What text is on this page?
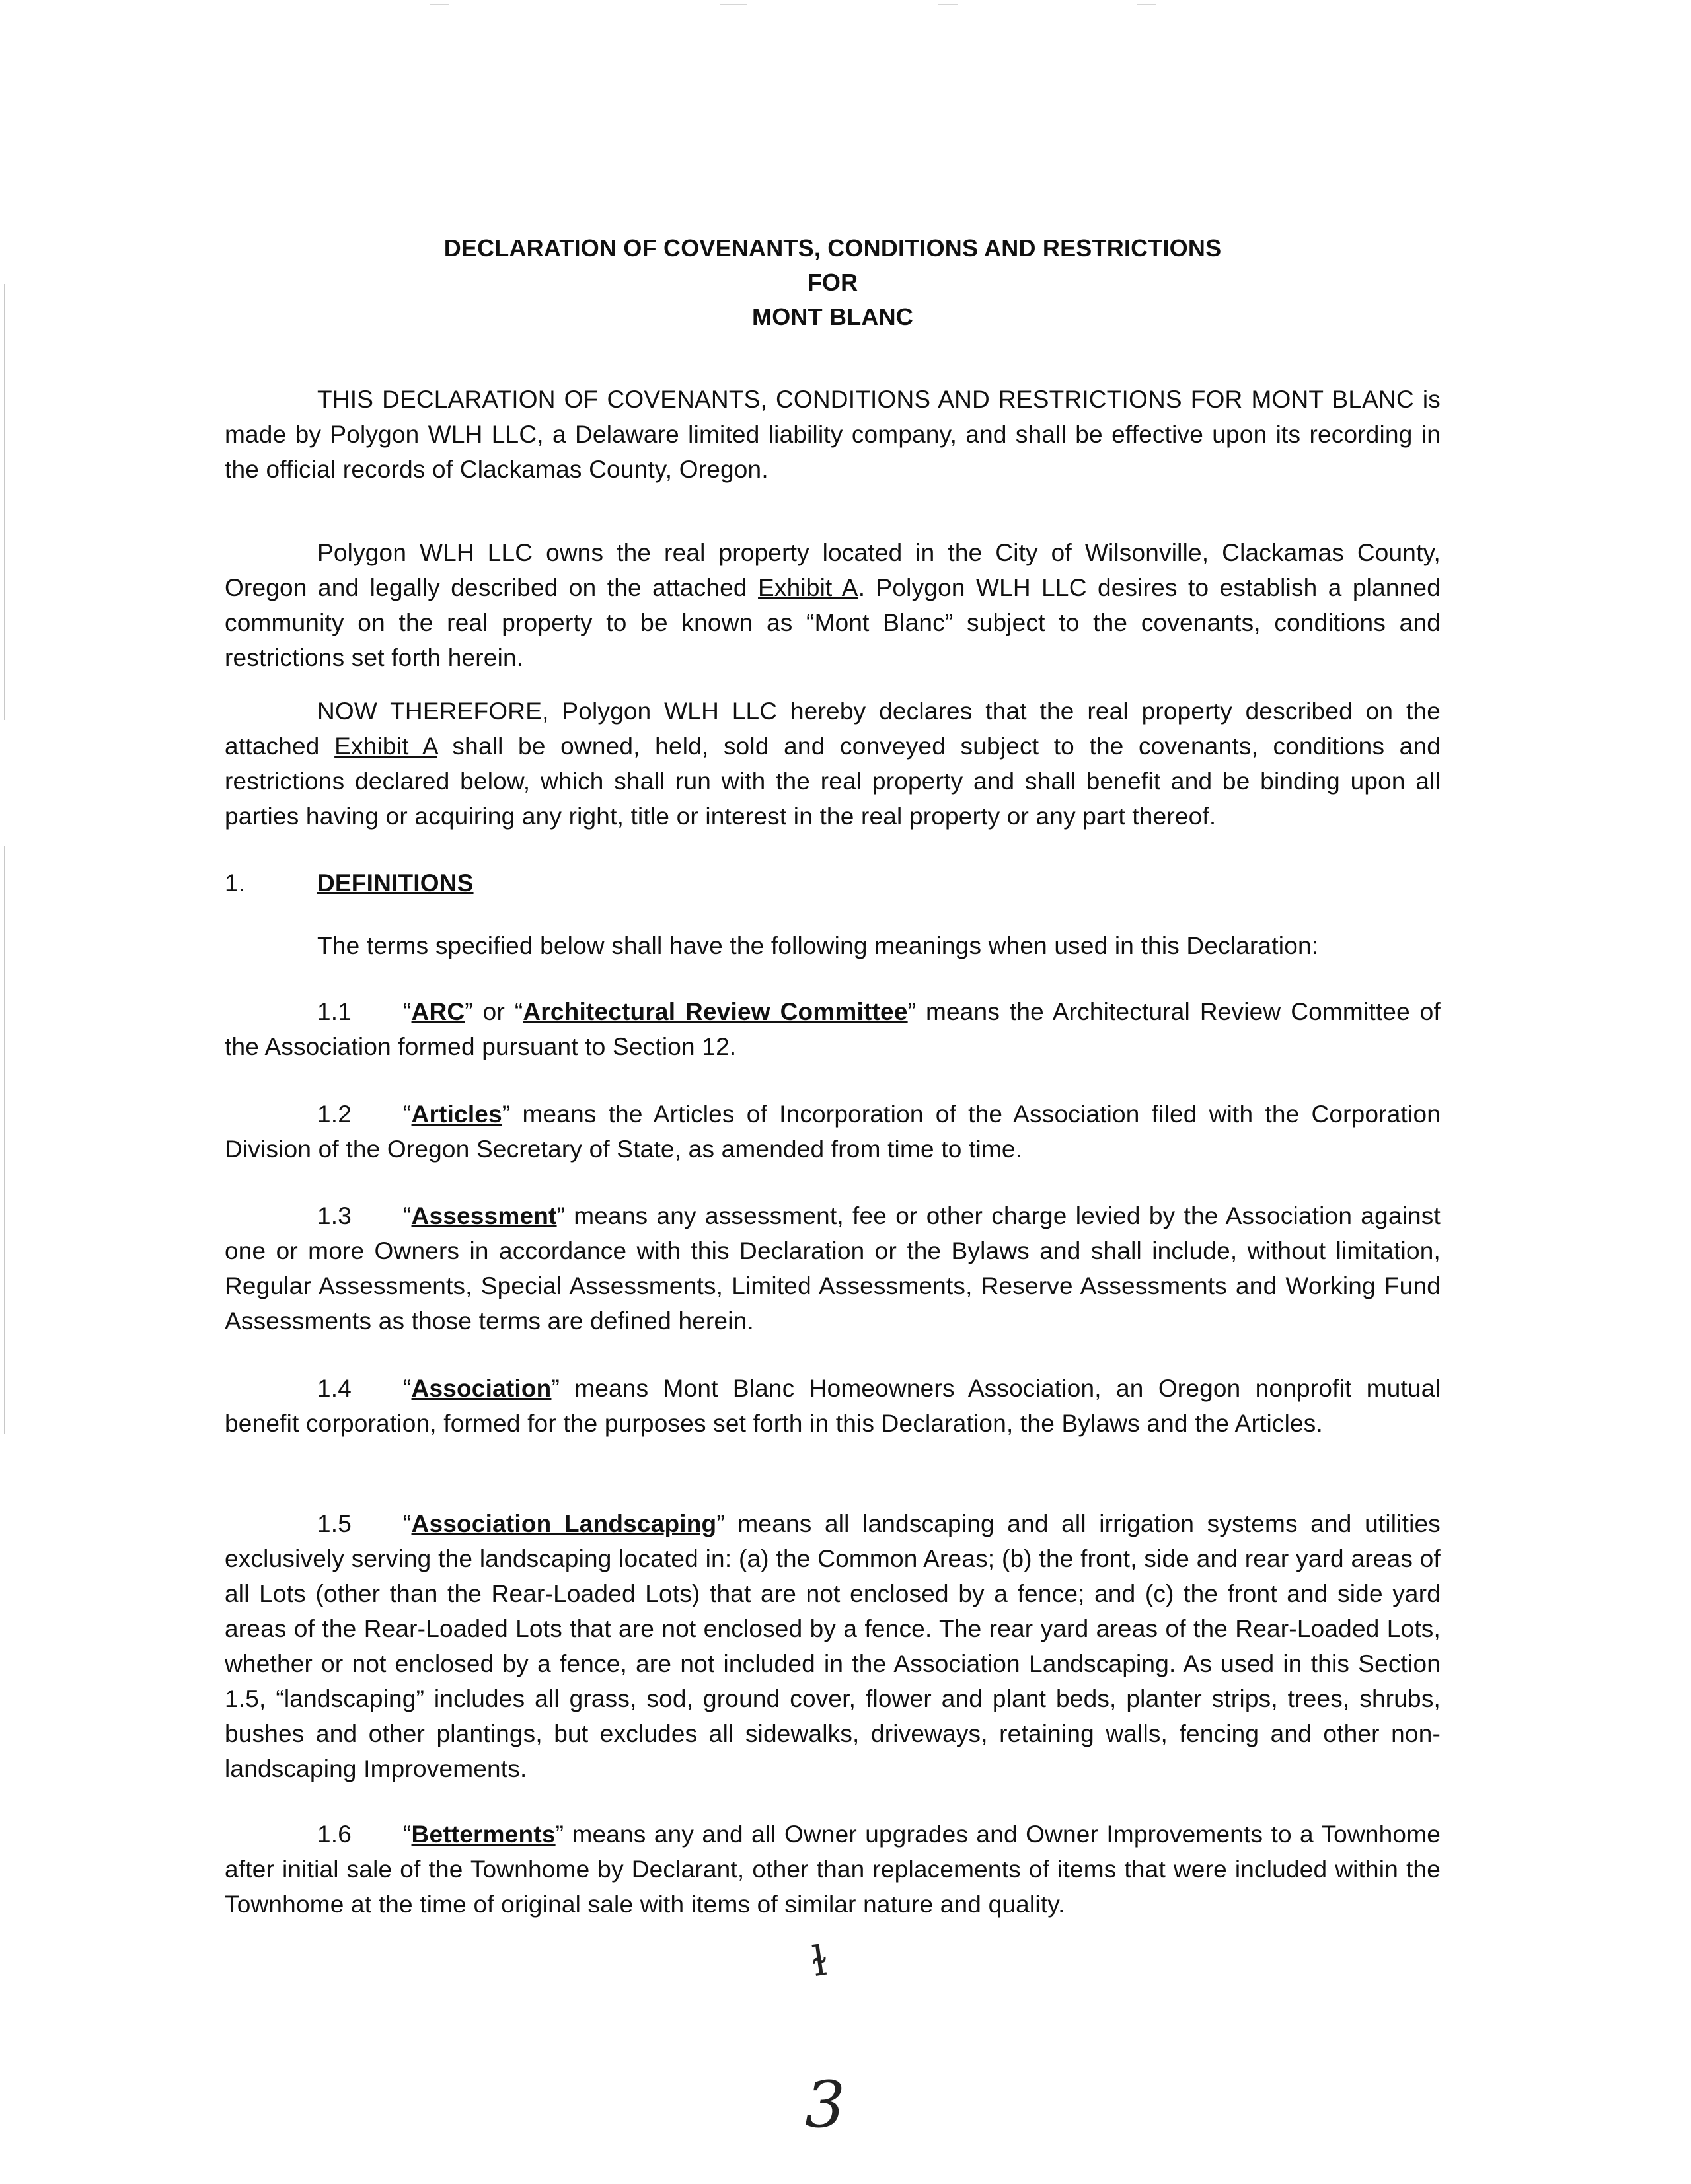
DECLARATION OF COVENANTS, CONDITIONS AND RESTRICTIONS
FOR
MONT BLANC

THIS DECLARATION OF COVENANTS, CONDITIONS AND RESTRICTIONS FOR MONT BLANC is made by Polygon WLH LLC, a Delaware limited liability company, and shall be effective upon its recording in the official records of Clackamas County, Oregon.

Polygon WLH LLC owns the real property located in the City of Wilsonville, Clackamas County, Oregon and legally described on the attached Exhibit A. Polygon WLH LLC desires to establish a planned community on the real property to be known as “Mont Blanc” subject to the covenants, conditions and restrictions set forth herein.

NOW THEREFORE, Polygon WLH LLC hereby declares that the real property described on the attached Exhibit A shall be owned, held, sold and conveyed subject to the covenants, conditions and restrictions declared below, which shall run with the real property and shall benefit and be binding upon all parties having or acquiring any right, title or interest in the real property or any part thereof.

1.	DEFINITIONS

The terms specified below shall have the following meanings when used in this Declaration:

1.1 “ARC” or “Architectural Review Committee” means the Architectural Review Committee of the Association formed pursuant to Section 12.

1.2 “Articles” means the Articles of Incorporation of the Association filed with the Corporation Division of the Oregon Secretary of State, as amended from time to time.

1.3 “Assessment” means any assessment, fee or other charge levied by the Association against one or more Owners in accordance with this Declaration or the Bylaws and shall include, without limitation, Regular Assessments, Special Assessments, Limited Assessments, Reserve Assessments and Working Fund Assessments as those terms are defined herein.

1.4 “Association” means Mont Blanc Homeowners Association, an Oregon nonprofit mutual benefit corporation, formed for the purposes set forth in this Declaration, the Bylaws and the Articles.

1.5 “Association Landscaping” means all landscaping and all irrigation systems and utilities exclusively serving the landscaping located in: (a) the Common Areas; (b) the front, side and rear yard areas of all Lots (other than the Rear-Loaded Lots) that are not enclosed by a fence; and (c) the front and side yard areas of the Rear-Loaded Lots that are not enclosed by a fence. The rear yard areas of the Rear-Loaded Lots, whether or not enclosed by a fence, are not included in the Association Landscaping. As used in this Section 1.5, “landscaping” includes all grass, sod, ground cover, flower and plant beds, planter strips, trees, shrubs, bushes and other plantings, but excludes all sidewalks, driveways, retaining walls, fencing and other non-landscaping Improvements.

1.6 “Betterments” means any and all Owner upgrades and Owner Improvements to a Townhome after initial sale of the Townhome by Declarant, other than replacements of items that were included within the Townhome at the time of original sale with items of similar nature and quality.

ɫ
3
